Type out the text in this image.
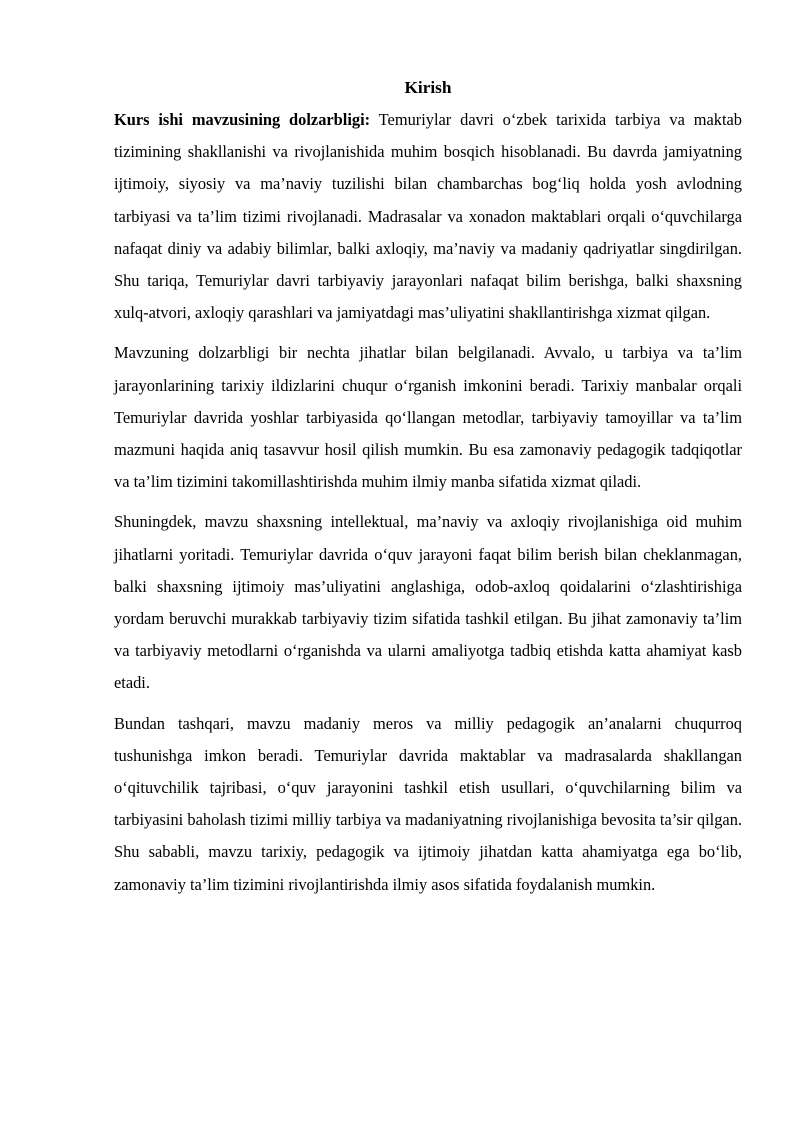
Kirish

Kurs ishi mavzusining dolzarbligi: Temuriylar davri o‘zbek tarixida tarbiya va maktab tizimining shakllanishi va rivojlanishida muhim bosqich hisoblanadi. Bu davrda jamiyatning ijtimoiy, siyosiy va ma’naviy tuzilishi bilan chambarchas bog‘liq holda yosh avlodning tarbiyasi va ta’lim tizimi rivojlanadi. Madrasalar va xonadon maktablari orqali o‘quvchilarga nafaqat diniy va adabiy bilimlar, balki axloqiy, ma’naviy va madaniy qadriyatlar singdirilgan. Shu tariqa, Temuriylar davri tarbiyaviy jarayonlari nafaqat bilim berishga, balki shaxsning xulq-atvori, axloqiy qarashlari va jamiyatdagi mas’uliyatini shakllantirishga xizmat qilgan.

Mavzuning dolzarbligi bir nechta jihatlar bilan belgilanadi. Avvalo, u tarbiya va ta’lim jarayonlarining tarixiy ildizlarini chuqur o‘rganish imkonini beradi. Tarixiy manbalar orqali Temuriylar davrida yoshlar tarbiyasida qo‘llangan metodlar, tarbiyaviy tamoyillar va ta’lim mazmuni haqida aniq tasavvur hosil qilish mumkin. Bu esa zamonaviy pedagogik tadqiqotlar va ta’lim tizimini takomillashtirishda muhim ilmiy manba sifatida xizmat qiladi.

Shuningdek, mavzu shaxsning intellektual, ma’naviy va axloqiy rivojlanishiga oid muhim jihatlarni yoritadi. Temuriylar davrida o‘quv jarayoni faqat bilim berish bilan cheklanmagan, balki shaxsning ijtimoiy mas’uliyatini anglashiga, odob-axloq qoidalarini o‘zlashtirishiga yordam beruvchi murakkab tarbiyaviy tizim sifatida tashkil etilgan. Bu jihat zamonaviy ta’lim va tarbiyaviy metodlarni o‘rganishda va ularni amaliyotga tadbiq etishda katta ahamiyat kasb etadi.

Bundan tashqari, mavzu madaniy meros va milliy pedagogik an’analarni chuqurroq tushunishga imkon beradi. Temuriylar davrida maktablar va madrasalarda shakllangan o‘qituvchilik tajribasi, o‘quv jarayonini tashkil etish usullari, o‘quvchilarning bilim va tarbiyasini baholash tizimi milliy tarbiya va madaniyatning rivojlanishiga bevosita ta’sir qilgan. Shu sababli, mavzu tarixiy, pedagogik va ijtimoiy jihatdan katta ahamiyatga ega bo‘lib, zamonaviy ta’lim tizimini rivojlantirishda ilmiy asos sifatida foydalanish mumkin.
